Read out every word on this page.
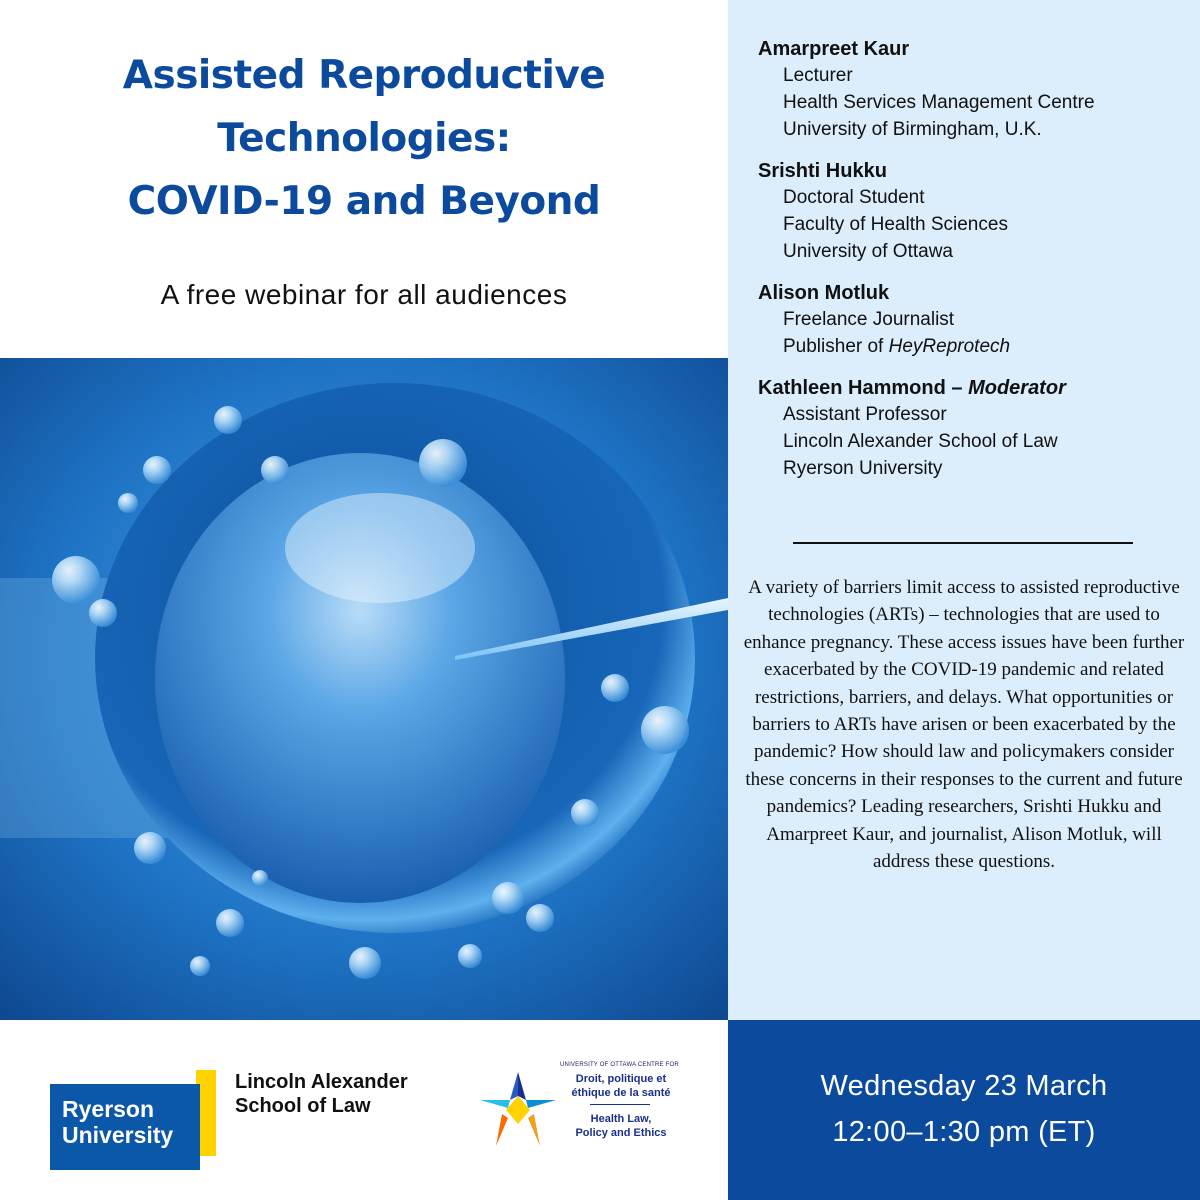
Assisted Reproductive
Technologies:
COVID-19 and Beyond
A free webinar for all audiences
Ryerson
University
Lincoln Alexander
School of Law
UNIVERSITY OF OTTAWA CENTRE FOR
Droit, politique et
éthique de la santé
Health Law,
Policy and Ethics
Amarpreet Kaur
Lecturer
Health Services Management Centre
University of Birmingham, U.K.
Srishti Hukku
Doctoral Student
Faculty of Health Sciences
University of Ottawa
Alison Motluk
Freelance Journalist
Publisher of HeyReprotech
Kathleen Hammond – Moderator
Assistant Professor
Lincoln Alexander School of Law
Ryerson University

A variety of barriers limit access to assisted reproductive technologies (ARTs) – technologies that are used to enhance pregnancy. These access issues have been further exacerbated by the COVID-19 pandemic and related restrictions, barriers, and delays. What opportunities or barriers to ARTs have arisen or been exacerbated by the pandemic? How should law and policymakers consider these concerns in their responses to the current and future pandemics? Leading researchers, Srishti Hukku and Amarpreet Kaur, and journalist, Alison Motluk, will address these questions.

Wednesday 23 March
12:00–1:30 pm (ET)
